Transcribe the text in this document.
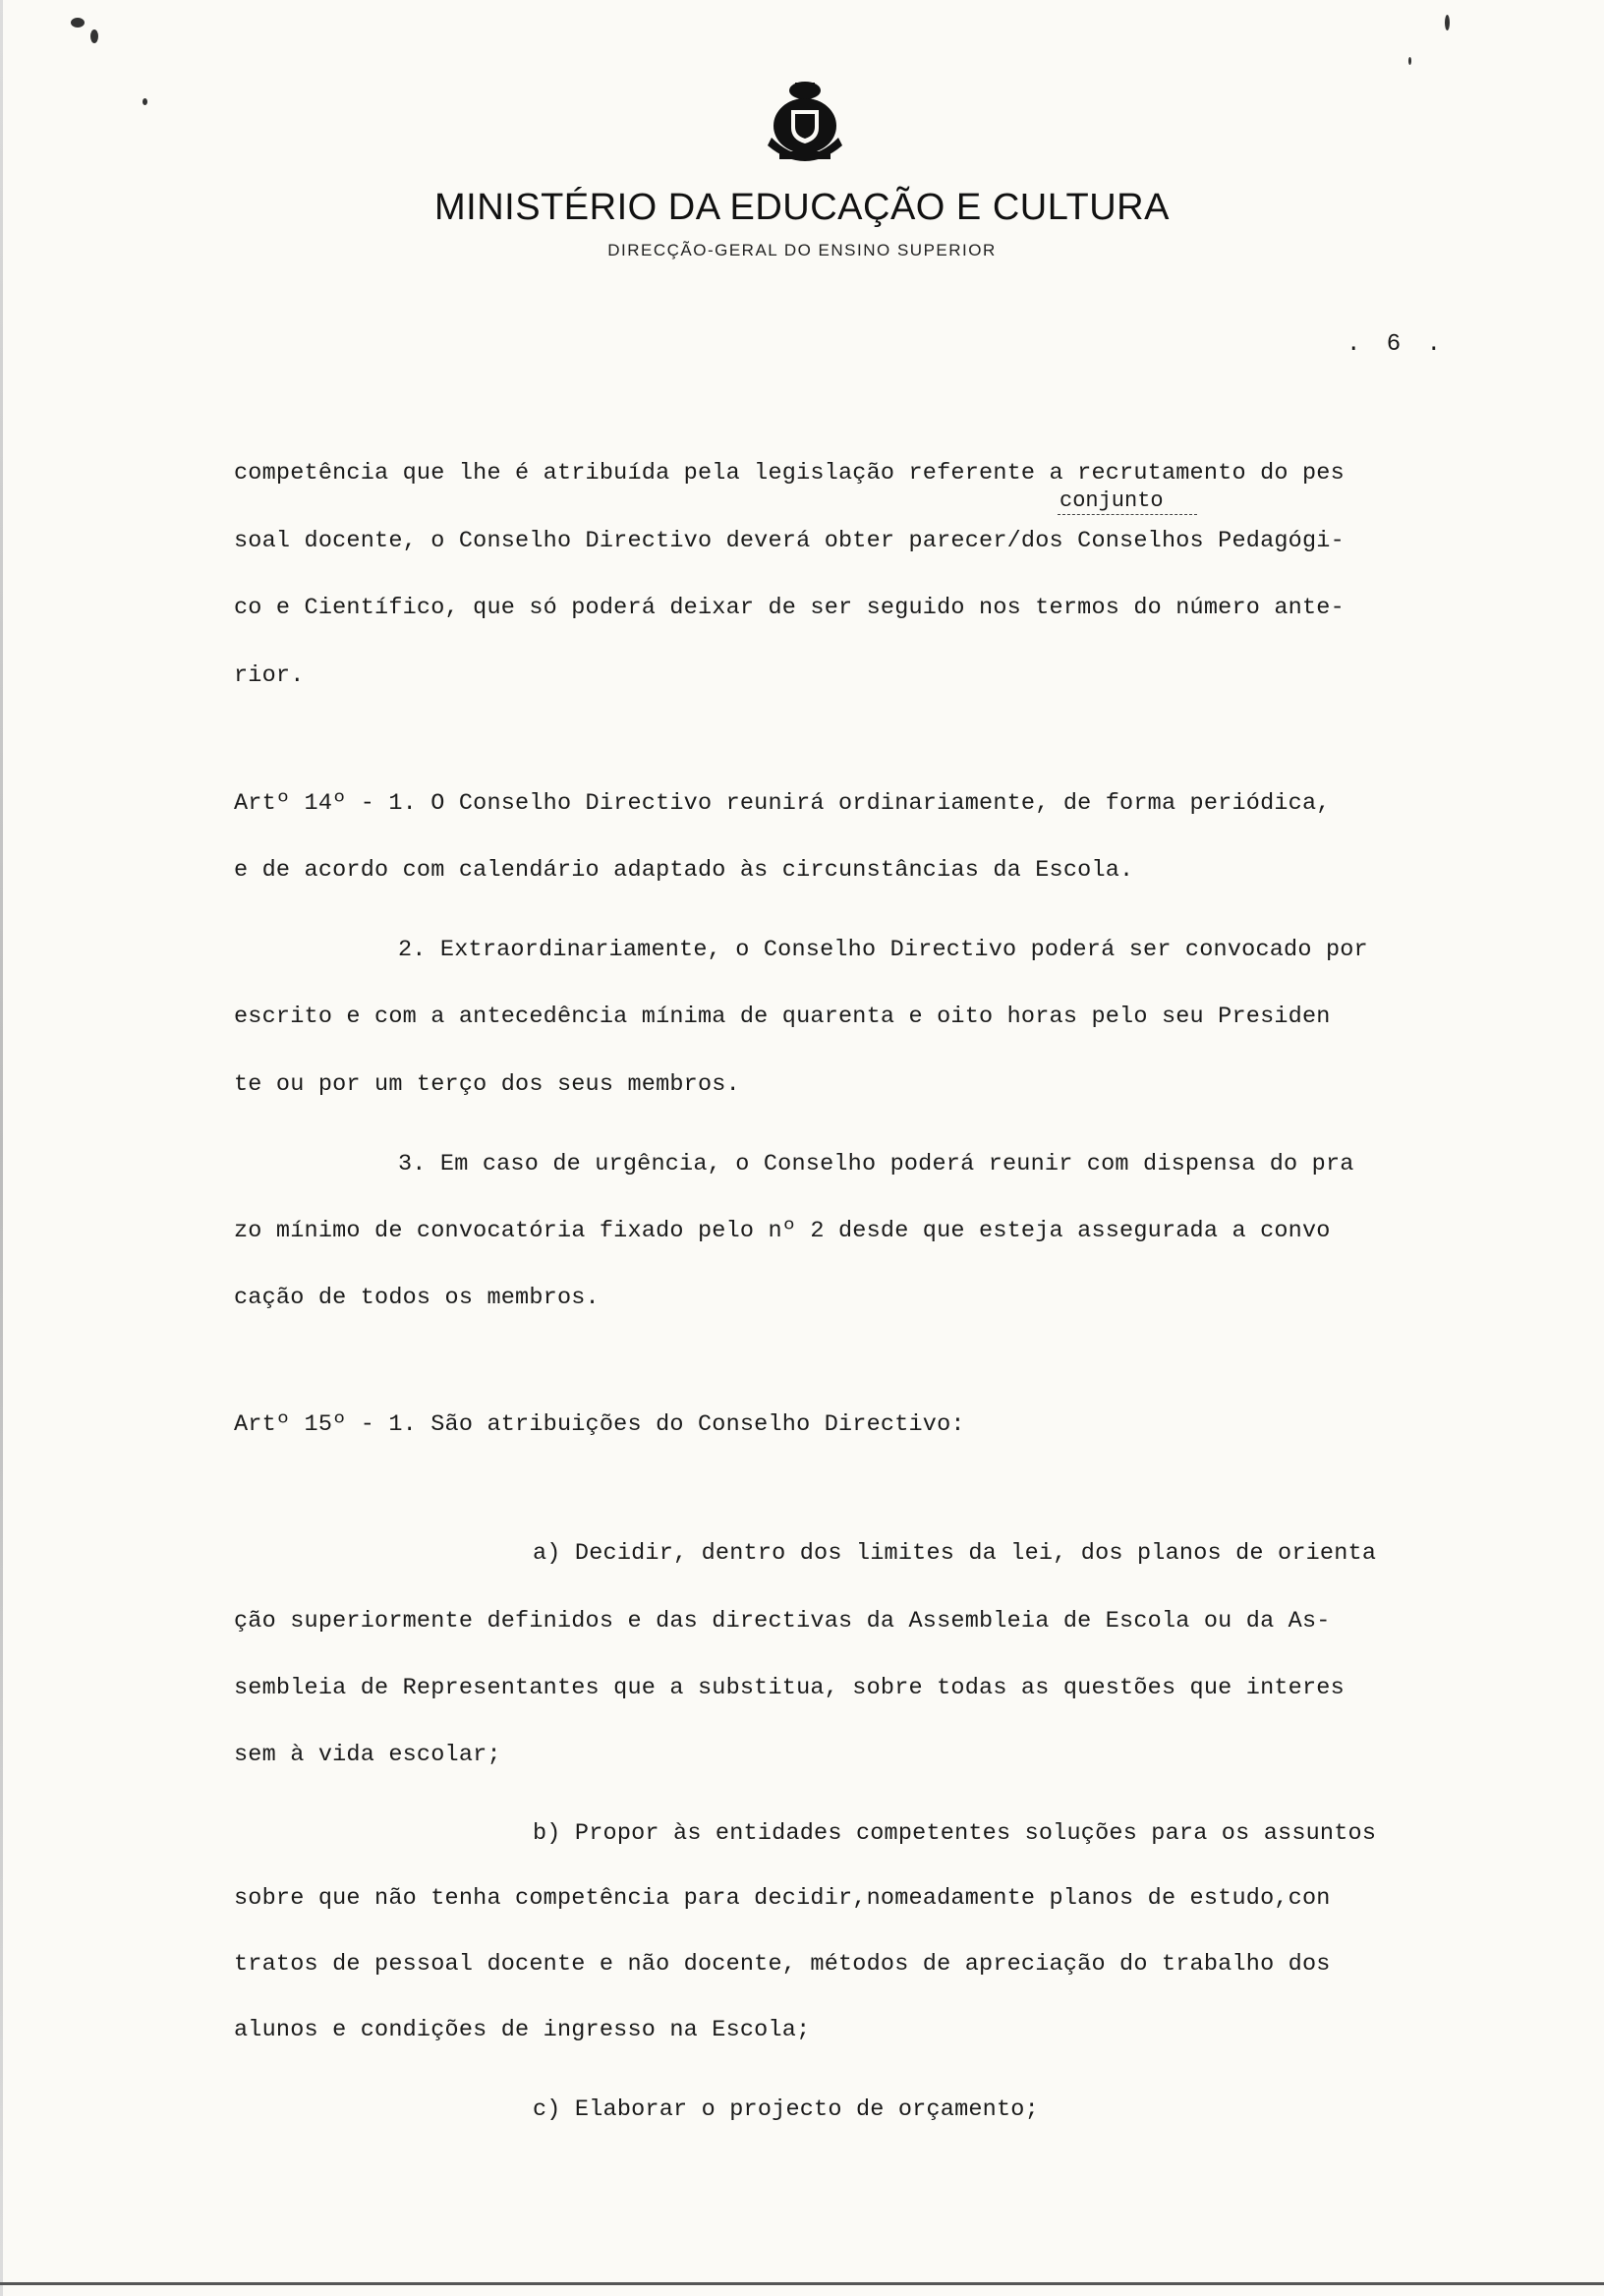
MINISTÉRIO DA EDUCAÇÃO E CULTURA
DIRECÇÃO-GERAL DO ENSINO SUPERIOR
. 6 .
conjunto
competência que lhe é atribuída pela legislação referente a recrutamento do pes
soal docente, o Conselho Directivo deverá obter parecer/dos Conselhos Pedagógi-
co e Científico, que só poderá deixar de ser seguido nos termos do número ante-
rior.
Artº 14º - 1. O Conselho Directivo reunirá ordinariamente, de forma periódica,
e de acordo com calendário adaptado às circunstâncias da Escola.
2. Extraordinariamente, o Conselho Directivo poderá ser convocado por
escrito e com a antecedência mínima de quarenta e oito horas pelo seu Presiden
te ou por um terço dos seus membros.
3. Em caso de urgência, o Conselho poderá reunir com dispensa do pra
zo mínimo de convocatória fixado pelo nº 2 desde que esteja assegurada a convo
cação de todos os membros.
Artº 15º - 1. São atribuições do Conselho Directivo:
a) Decidir, dentro dos limites da lei, dos planos de orienta
ção superiormente definidos e das directivas da Assembleia de Escola ou da As-
sembleia de Representantes que a substitua, sobre todas as questões que interes
sem à vida escolar;
b) Propor às entidades competentes soluções para os assuntos
sobre que não tenha competência para decidir,nomeadamente planos de estudo,con
tratos de pessoal docente e não docente, métodos de apreciação do trabalho dos
alunos e condições de ingresso na Escola;
c) Elaborar o projecto de orçamento;
